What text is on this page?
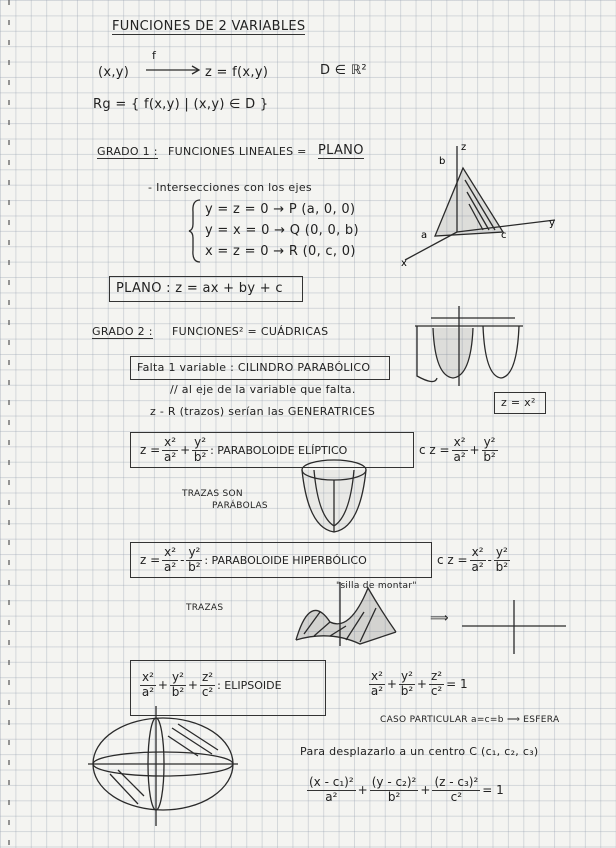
FUNCIONES DE 2 VARIABLES
(x,y)
f
z = f(x,y)	D ∈ ℝ²
Rg = { f(x,y) | (x,y) ∈ D }
GRADO 1 : FUNCIONES LINEALES = PLANO
- Intersecciones con los ejes
y = z = 0 → P (a, 0, 0)
y = x = 0 → Q (0, 0, b)
x = z = 0 → R (0, c, 0)
PLANO : z = ax + by + c
z
b
a	c
y
x
GRADO 2 : FUNCIONES² = CUÁDRICAS
Falta 1 variable : CILINDRO PARABÓLICO
// al eje de la variable que falta.
z - R (trazos) serían las GENERATRICES
z = x²
$z = \frac{\text{x²}}{\text{a²}} + \frac{\text{y²}}{\text{b²}}$ : PARABOLOIDE ELÍPTICO	c $z = \frac{\text{x²}}{\text{a²}} + \frac{\text{y²}}{\text{b²}}$
TRAZAS SON
PARÁBOLAS
$z = \frac{\text{x²}}{\text{a²}} - \frac{\text{y²}}{\text{b²}}$ : PARABOLOIDE HIPERBÓLICO	c $z = \frac{\text{x²}}{\text{a²}} - \frac{\text{y²}}{\text{b²}}$
"silla de montar"
TRAZAS
⟹
$\frac{\text{x²}}{\text{a²}} + \frac{\text{y²}}{\text{b²}} + \frac{\text{z²}}{\text{c²}}$ : ELIPSOIDE	$\frac{\text{x²}}{\text{a²}} + \frac{\text{y²}}{\text{b²}} + \frac{\text{z²}}{\text{c²}} = 1$
CASO PARTICULAR a=c=b ⟹ ESFERA
Para desplazarlo a un centro C (c₁, c₂, c₃)
$\frac{\text{(x - c₁)²}}{\text{a²}} + \frac{\text{(y - c₂)²}}{\text{b²}} + \frac{\text{(z - c₃)²}}{\text{c²}} = 1$
